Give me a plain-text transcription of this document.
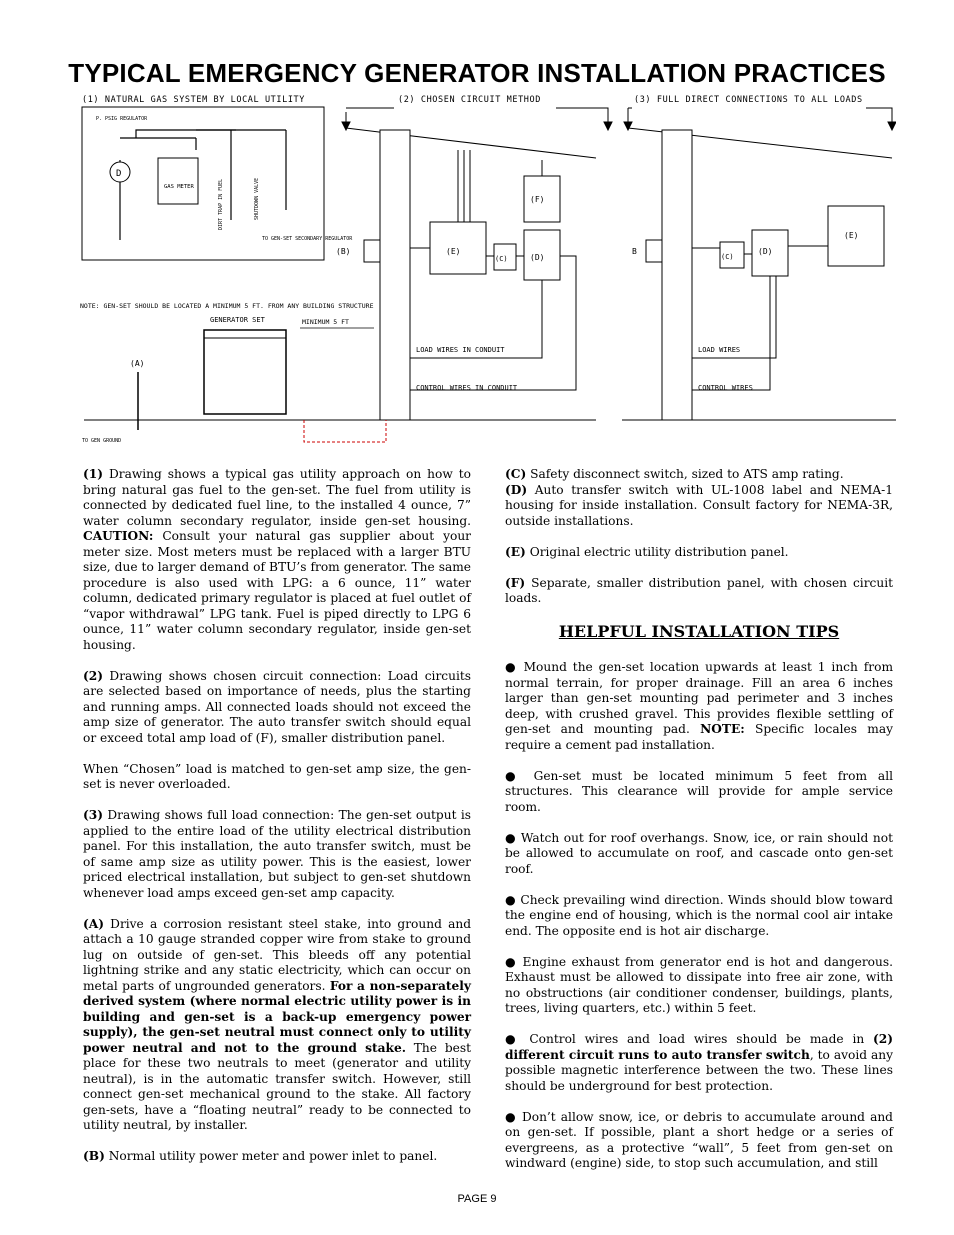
TYPICAL EMERGENCY GENERATOR INSTALLATION PRACTICES
(1) NATURAL GAS SYSTEM BY LOCAL UTILITY	(2) CHOSEN CIRCUIT METHOD	(3) FULL DIRECT CONNECTIONS TO ALL LOADS
D
P. PSIG REGULATOR
GAS METER	DIRT TRAP IN FUEL	SHUTDOWN VALVE
TO GEN-SET SECONDARY REGULATOR
NOTE: GEN-SET SHOULD BE LOCATED A MINIMUM 5 FT. FROM ANY BUILDING STRUCTURE
GENERATOR SET	MINIMUM 5 FT
(A)
TO GEN GROUND
(B)	(E)
(C)	(D)
(F)
LOAD WIRES IN CONDUIT
CONTROL WIRES IN CONDUIT
B
(C)
(D)
(E)
LOAD WIRES
CONTROL WIRES

(1) Drawing shows a typical gas utility approach on how to bring natural gas fuel to the gen-set. The fuel from utility is connected by dedicated fuel line, to the installed 4 ounce, 7” water column secondary regulator, inside gen-set housing. CAUTION: Consult your natural gas supplier about your meter size. Most meters must be replaced with a larger BTU size, due to larger demand of BTU’s from generator. The same procedure is also used with LPG: a 6 ounce, 11” water column, dedicated primary regulator is placed at fuel outlet of “vapor withdrawal” LPG tank. Fuel is piped directly to LPG 6 ounce, 11” water column secondary regulator, inside gen-set housing.

(2) Drawing shows chosen circuit connection: Load circuits are selected based on importance of needs, plus the starting and running amps. All connected loads should not exceed the amp size of generator. The auto transfer switch should equal or exceed total amp load of (F), smaller distribution panel.

When “Chosen” load is matched to gen-set amp size, the gen-set is never overloaded.

(3) Drawing shows full load connection: The gen-set output is applied to the entire load of the utility electrical distribution panel. For this installation, the auto transfer switch, must be of same amp size as utility power. This is the easiest, lower priced electrical installation, but subject to gen-set shutdown whenever load amps exceed gen-set amp capacity.

(A) Drive a corrosion resistant steel stake, into ground and attach a 10 gauge stranded copper wire from stake to ground lug on outside of gen-set. This bleeds off any potential lightning strike and any static electricity, which can occur on metal parts of ungrounded generators. For a non-separately derived system (where normal electric utility power is in building and gen-set is a back-up emergency power supply), the gen-set neutral must connect only to utility power neutral and not to the ground stake. The best place for these two neutrals to meet (generator and utility neutral), is in the automatic transfer switch. However, still connect gen-set mechanical ground to the stake. All factory gen-sets, have a “floating neutral” ready to be connected to utility neutral, by installer.

(B) Normal utility power meter and power inlet to panel.

(C) Safety disconnect switch, sized to ATS amp rating.

(D) Auto transfer switch with UL-1008 label and NEMA-1 housing for inside installation. Consult factory for NEMA-3R, outside installations.

(E) Original electric utility distribution panel.

(F) Separate, smaller distribution panel, with chosen circuit loads.

HELPFUL INSTALLATION TIPS

● Mound the gen-set location upwards at least 1 inch from normal terrain, for proper drainage. Fill an area 6 inches larger than gen-set mounting pad perimeter and 3 inches deep, with crushed gravel. This provides flexible settling of gen-set and mounting pad. NOTE: Specific locales may require a cement pad installation.

● Gen-set must be located minimum 5 feet from all structures. This clearance will provide for ample service room.

● Watch out for roof overhangs. Snow, ice, or rain should not be allowed to accumulate on roof, and cascade onto gen-set roof.

● Check prevailing wind direction. Winds should blow toward the engine end of housing, which is the normal cool air intake end. The opposite end is hot air discharge.

● Engine exhaust from generator end is hot and dangerous. Exhaust must be allowed to dissipate into free air zone, with no obstructions (air conditioner condenser, buildings, plants, trees, living quarters, etc.) within 5 feet.

● Control wires and load wires should be made in (2) different circuit runs to auto transfer switch, to avoid any possible magnetic interference between the two. These lines should be underground for best protection.

● Don’t allow snow, ice, or debris to accumulate around and on gen-set. If possible, plant a short hedge or a series of evergreens, as a protective “wall”, 5 feet from gen-set on windward (engine) side, to stop such accumulation, and still

PAGE 9
